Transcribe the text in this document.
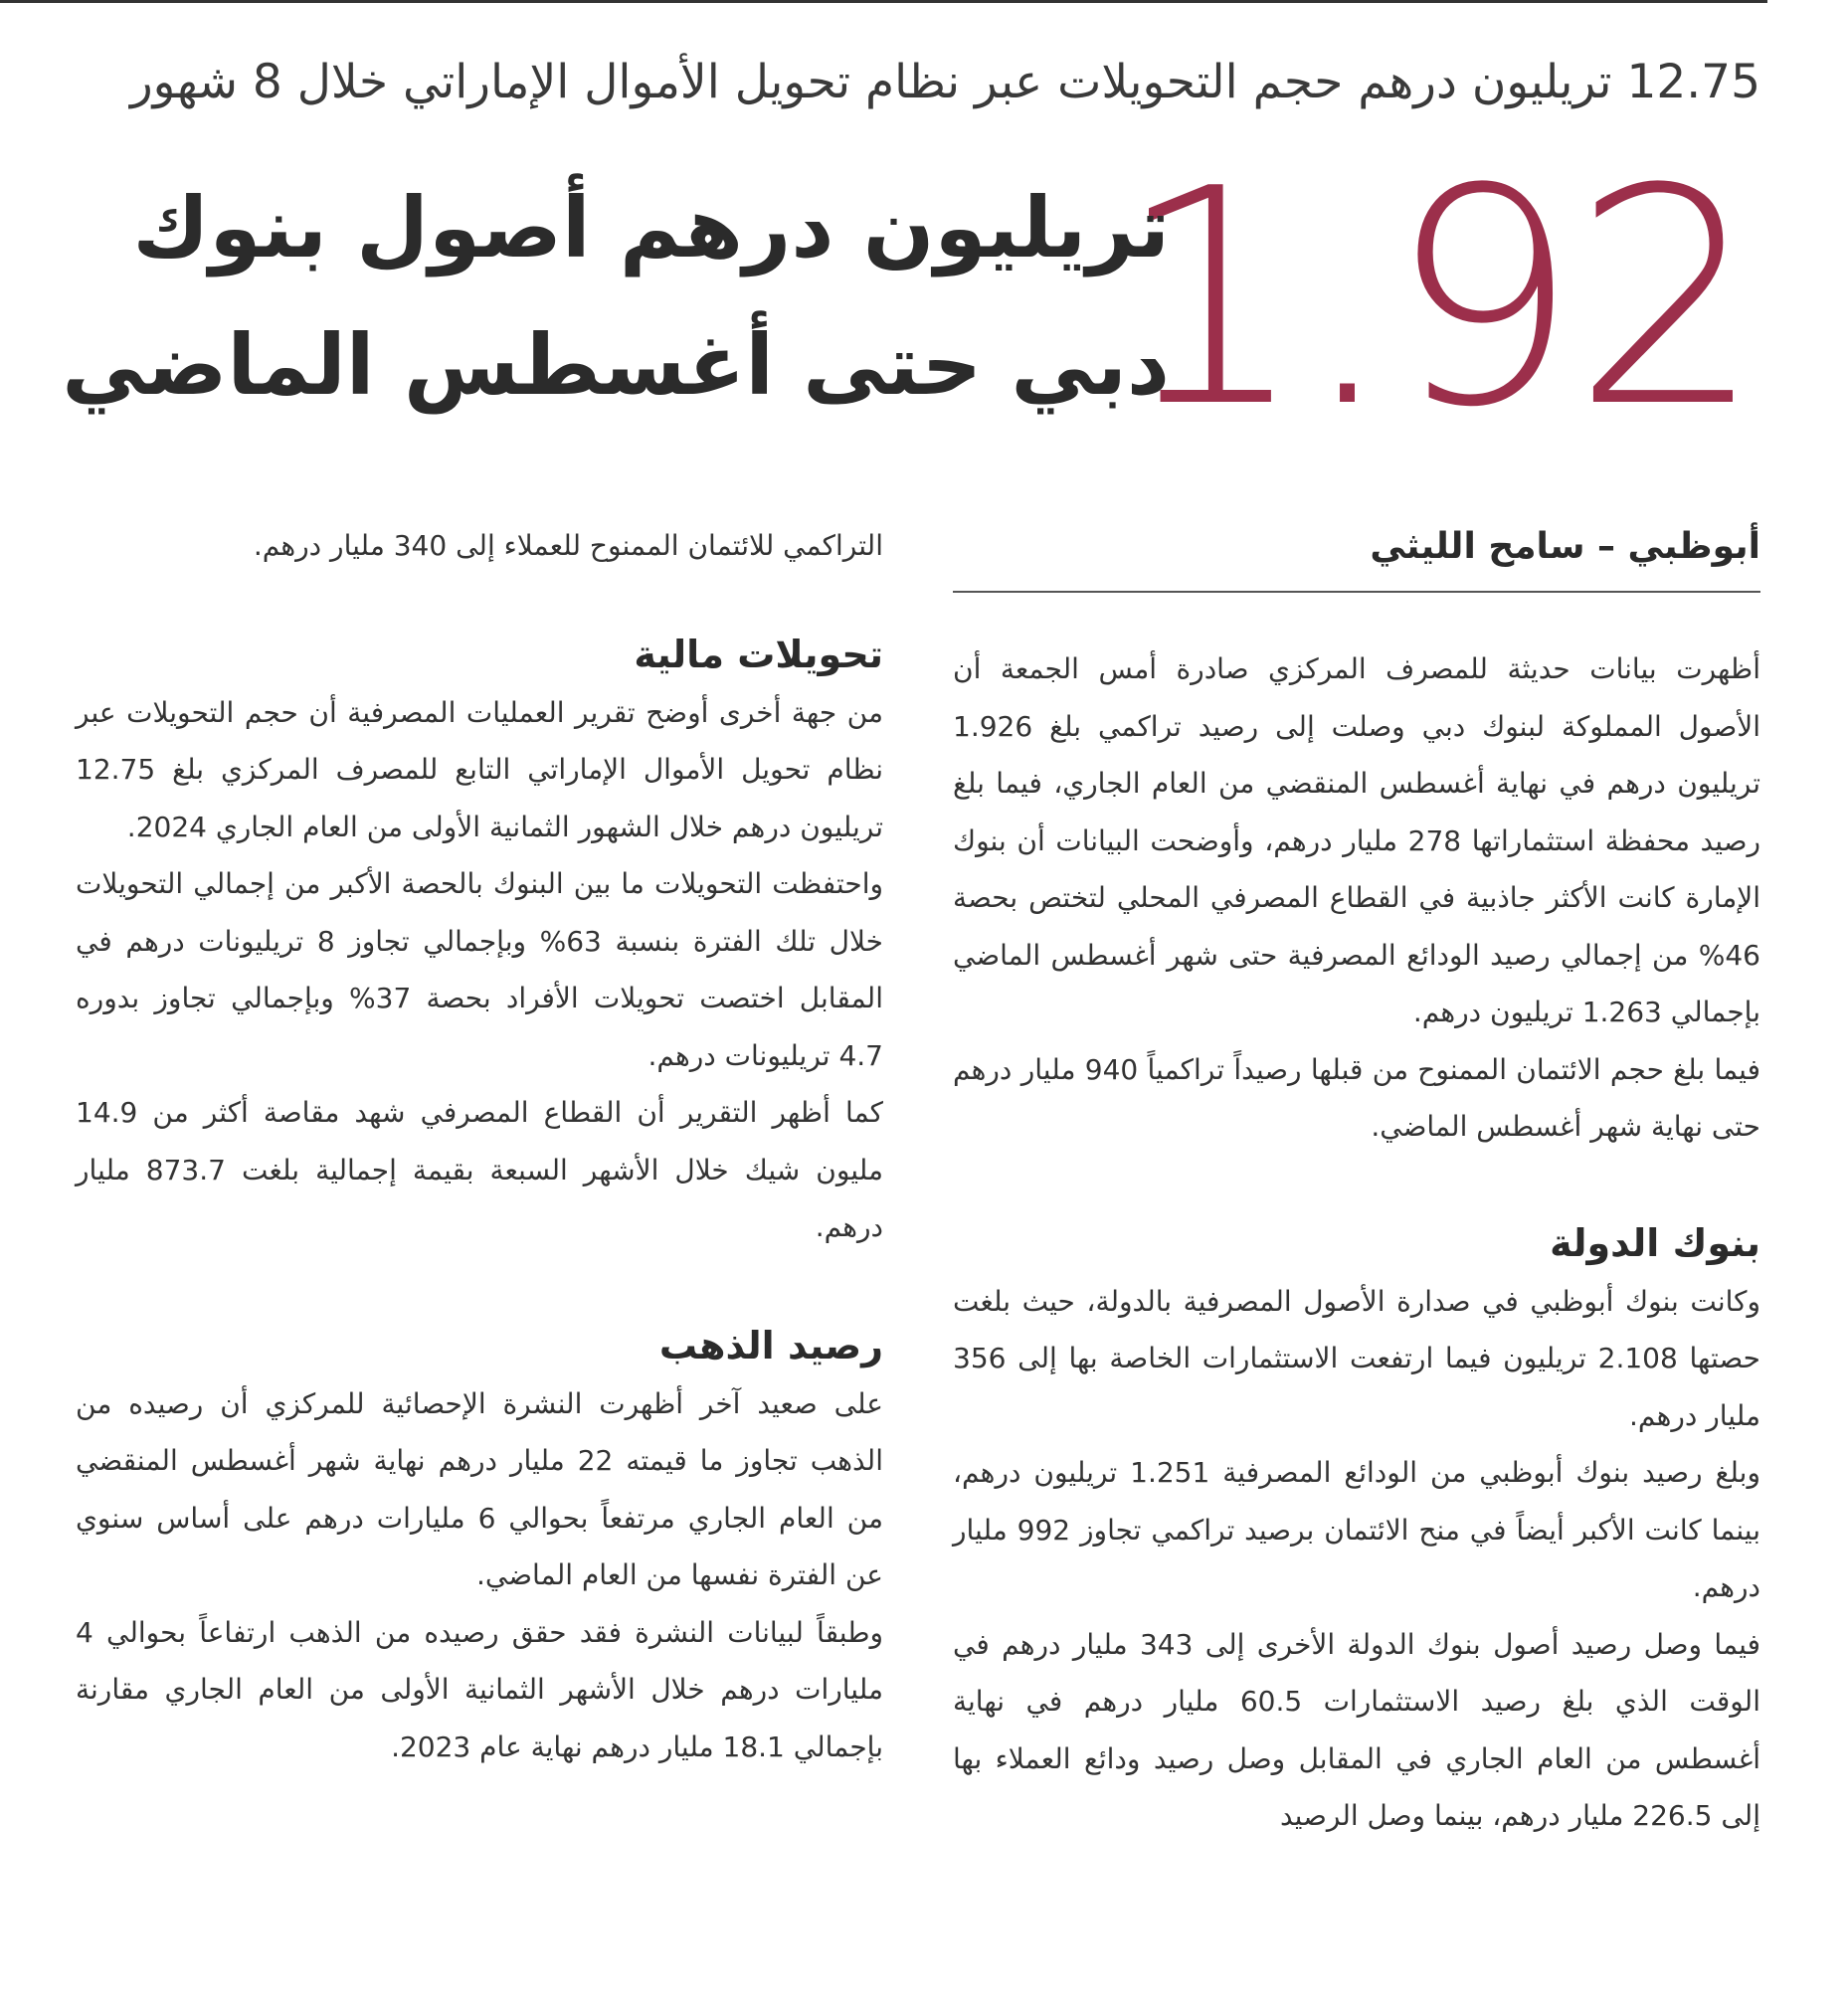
12.75 تريليون درهم حجم التحويلات عبر نظام تحويل الأموال الإماراتي خلال 8 شهور
1.92
تريليون درهم أصول بنوك
دبي حتى أغسطس الماضي
أبوظبي – سامح الليثي

أظهرت بيانات حديثة للمصرف المركزي صادرة أمس الجمعة أن الأصول المملوكة لبنوك دبي وصلت إلى رصيد تراكمي بلغ 1.926 تريليون درهم في نهاية أغسطس المنقضي من العام الجاري، فيما بلغ رصيد محفظة استثماراتها 278 مليار درهم، وأوضحت البيانات أن بنوك الإمارة كانت الأكثر جاذبية في القطاع المصرفي المحلي لتختص بحصة 46% من إجمالي رصيد الودائع المصرفية حتى شهر أغسطس الماضي بإجمالي 1.263 تريليون درهم.

فيما بلغ حجم الائتمان الممنوح من قبلها رصيداً تراكمياً 940 مليار درهم حتى نهاية شهر أغسطس الماضي.

بنوك الدولة

وكانت بنوك أبوظبي في صدارة الأصول المصرفية بالدولة، حيث بلغت حصتها 2.108 تريليون فيما ارتفعت الاستثمارات الخاصة بها إلى 356 مليار درهم.

وبلغ رصيد بنوك أبوظبي من الودائع المصرفية 1.251 تريليون درهم، بينما كانت الأكبر أيضاً في منح الائتمان برصيد تراكمي تجاوز 992 مليار درهم.

فيما وصل رصيد أصول بنوك الدولة الأخرى إلى 343 مليار درهم في الوقت الذي بلغ رصيد الاستثمارات 60.5 مليار درهم في نهاية أغسطس من العام الجاري في المقابل وصل رصيد ودائع العملاء بها إلى 226.5 مليار درهم، بينما وصل الرصيد

التراكمي للائتمان الممنوح للعملاء إلى 340 مليار درهم.

تحويلات مالية

من جهة أخرى أوضح تقرير العمليات المصرفية أن حجم التحويلات عبر نظام تحويل الأموال الإماراتي التابع للمصرف المركزي بلغ 12.75 تريليون درهم خلال الشهور الثمانية الأولى من العام الجاري 2024.

واحتفظت التحويلات ما بين البنوك بالحصة الأكبر من إجمالي التحويلات خلال تلك الفترة بنسبة 63% وبإجمالي تجاوز 8 تريليونات درهم في المقابل اختصت تحويلات الأفراد بحصة 37% وبإجمالي تجاوز بدوره 4.7 تريليونات درهم.

كما أظهر التقرير أن القطاع المصرفي شهد مقاصة أكثر من 14.9 مليون شيك خلال الأشهر السبعة بقيمة إجمالية بلغت 873.7 مليار درهم.

رصيد الذهب

على صعيد آخر أظهرت النشرة الإحصائية للمركزي أن رصيده من الذهب تجاوز ما قيمته 22 مليار درهم نهاية شهر أغسطس المنقضي من العام الجاري مرتفعاً بحوالي 6 مليارات درهم على أساس سنوي عن الفترة نفسها من العام الماضي.

وطبقاً لبيانات النشرة فقد حقق رصيده من الذهب ارتفاعاً بحوالي 4 مليارات درهم خلال الأشهر الثمانية الأولى من العام الجاري مقارنة بإجمالي 18.1 مليار درهم نهاية عام 2023.
